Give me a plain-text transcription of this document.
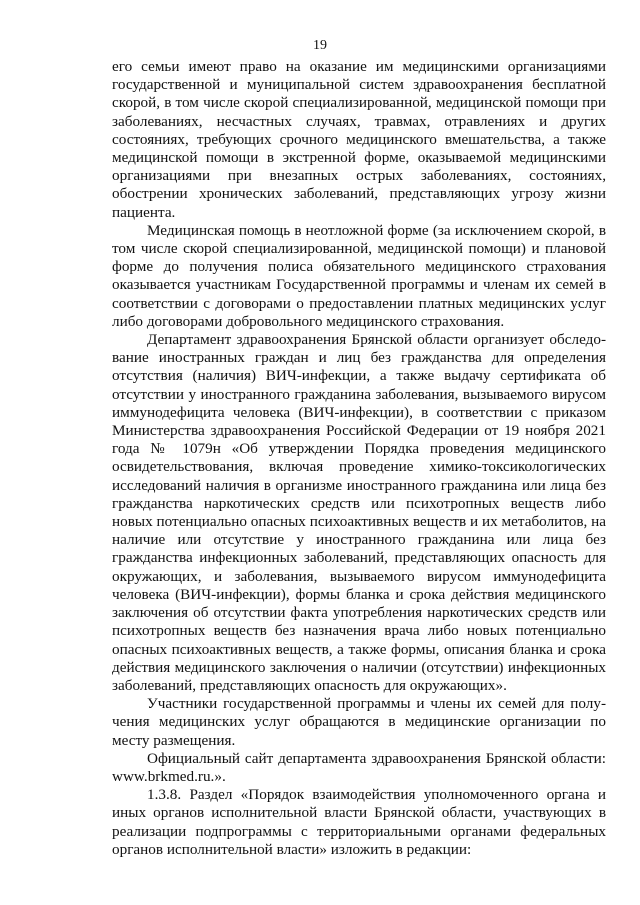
19

его семьи имеют право на оказание им медицинскими организациями государственной и муниципальной систем здравоохранения бесплатной скорой, в том числе скорой специализированной, медицинской помощи при заболеваниях, несчастных случаях, травмах, отравлениях и других состояниях, требующих срочного медицинского вмешательства, а также медицинской помощи в экстренной форме, оказываемой медицинскими организациями при внезапных острых заболеваниях, состояниях, обострении хронических заболеваний, представляющих угрозу жизни пациента.

Медицинская помощь в неотложной форме (за исключением скорой, в том числе скорой специализированной, медицинской помощи) и плановой форме до получения полиса обязательного медицинского страхования оказывается участникам Государственной программы и членам их семей в соответствии с договорами о предоставлении платных медицинских услуг либо договорами добровольного медицинского страхования.

Департамент здравоохранения Брянской области организует обследование иностранных граждан и лиц без гражданства для определения отсутствия (наличия) ВИЧ-инфекции, а также выдачу сертификата об отсутствии у иностранного гражданина заболевания, вызываемого вирусом иммунодефицита человека (ВИЧ-инфекции), в соответствии с приказом Министерства здравоохранения Российской Федерации от 19 ноября 2021 года № 1079н «Об утверждении Порядка проведения медицинского освидетельствования, включая проведение химико-токсикологических исследований наличия в организме иностранного гражданина или лица без гражданства наркотических средств или психотропных веществ либо новых потенциально опасных психоактивных веществ и их метаболитов, на наличие или отсутствие у иностранного гражданина или лица без гражданства инфекционных заболеваний, представляющих опасность для окружающих, и заболевания, вызываемого вирусом иммунодефицита человека (ВИЧ-инфекции), формы бланка и срока действия медицинского заключения об отсутствии факта употребления наркотических средств или психотропных веществ без назначения врача либо новых потенциально опасных психоактивных веществ, а также формы, описания бланка и срока действия медицинского заключения о наличии (отсутствии) инфекционных заболеваний, представляющих опасность для окружающих».

Участники государственной программы и члены их семей для получения медицинских услуг обращаются в медицинские организации по месту размещения.

Официальный сайт департамента здравоохранения Брянской области: www.brkmed.ru.».

1.3.8. Раздел «Порядок взаимодействия уполномоченного органа и иных органов исполнительной власти Брянской области, участвующих в реализации подпрограммы с территориальными органами федеральных органов исполнительной власти» изложить в редакции:
